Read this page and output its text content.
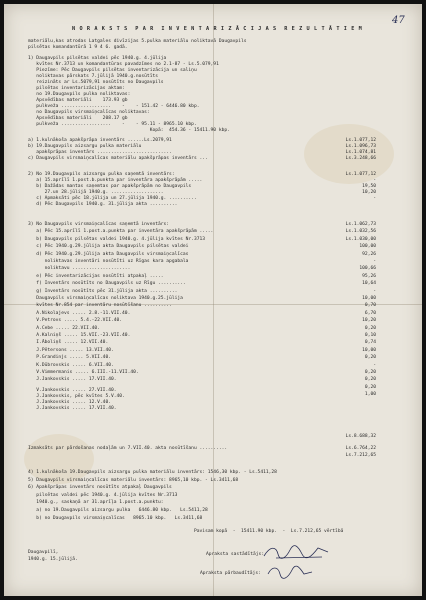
47
N O R A K S T S  P A R  I N V E N T A R I Z Ā C I J A S  R E Z U L T Ā T I E M
materiālu,kas atrodas Latgales divīzijas 5.pulka materiālu noliktavā Daugavpils
pilsētas komandantūrā 1 9 4 6. gadā.
1) Daugavpils pilsētas valdei pēc 1940.g. 4.jūlija
kvītes Nr.3713 un komandantūras pavadzīmes no 2.1-87 - Ls.5.079,91
Piezīme: Pēc Daugavpils pilsētas inventarizācija un saliņu
noliktavas pārskats 7.jūlijā 1940.g.nosūtīts
reizināts ar Ls.5079,91 nosūtīts no Daugavpils
pilsētas inventarizācijas aktam:
no 19.Daugavpils pulka noliktavas:
Apsvēdības materiāli    173.93 gb
pulkveža ..................    -    - 151.42 - 6446.80 kbp.
no Daugavpils virsmaiņcalīcas noliktavas:
Apsvēdības materiāli    208.17 gb
pulkveža ..................    -    - 95.11 - 8965.10 kbp.
Kopā:  454.36 - 15411.90 kbp.
a) 1.kulnākoša apakšprāpa inventārs ......Ls.2079,91
b) 19.Daugavpils aizsargu pulka materiālu
apakšprāpas inventārs ...........................
c) Daugavpils virsmaiņcalīcas materiālu apakšprāpas inventārs ...
Ls.1.077,12
Ls.1.096,73
Ls.1.074,81
Ls.3.248,66
2) No 19.Daugavpils aizsargu pulka saņemtā inventārs:
a) 15.aprīlī 1.post.b.punkta par inventāra apakšprāpām .....
b) Dažādas mantas saņemtas par apakšprāpām no Daugavpils
27.un 28.jūlijā 1940.g. ...................
c) Apmaksāti pēc 18.jūlija un 27.jūlija 1940.g. ..........
d) Pēc Daugavpils 1940.g. 31.jūlija akta ..........
Ls.1.077,12
-
19,50
10,20
-
3) No Daugavpils virsmaiņcalīcas saņemtā inventārs:
a) Pēc 15.aprīlī 1.post.a.punkta par inventāra apakšprāpām .....
b) Daugavpils pilsētas valdei 1940.g. 4.jūlija kvītes Nr.3713
c) Pēc 1940.g.29.jūlija akta Daugavpils pilsētas valdei
d) Pēc 1940.g.29.jūlija akta Daugavpils virsmaiņcalīcas
noliktavas inventāri nosūtīti uz Rīgas kara apgabala
noliktavu .....................
e) Pēc inventarizācijas nosūtīti atpakaļ .....
f) Inventārs nosūtīts no Daugavpils uz Rīgu ..........
g) Inventārs nosūtīts pēc 31.jūlija akta ..........
Daugavpils virsmaiņcalīcas noliktava 1940.g.25.jūlija
kvītes Nr.854 par inventāru nosūtīšanu ..........
A.Nikolajevs ..... 2.8.-11.VII.40.
V.Petrovs ..... 5.4.-22.VII.40.
A.Cebe ..... 22.VII.40.
A.Kalniņš ..... 15.VII.-23.VII.40.
I.Āboliņš ..... 12.VII.40.
J.Pētersons ..... 13.VII.40.
P.Grandinjs ..... 5.VII.40.
K.Dūbrovskis ..... 6.VII.40.
V.Vimmermanis ..... 6.III.-11.VII.40.
J.Jankovskis ..... 17.VII.40.
Ls.1.062,73
Ls.1.032,56
Ls.1.030,00
100,00
92,26
-
100,66
95,26
10,64
-
10,00
0,70
6,70
10,20
0,20
0,10
0,74
10,00
0,20
-
0,20
0,20
0,20
1,00
Ls.8.688,32
V.Jankovskis ..... 27.VII.40.
J.Jankovskis, pēc kvītes 5.V.40.
J.Jankovskis ..... 12.V.40.
J.Jankovskis ..... 17.VII.40.
Izmaksāts par pārdošanas nodaļām un 7.VII.40. akta nosūtīšanu ..........	Ls.6.764,22
Ls.7.212,65
4) 1.kulnākoša 19.Daugavpils aizsargu pulka materiālu inventārs: 1546,30 kbp. - Ls.5411,28
5) Daugavpils virsmaiņcalīcas materiālu inventārs: 8965,10 kbp. - Ls.3411,68
6) Apakšprāpas inventārs nosūtīts atpakaļ Daugavpils
pilsētas valdei pēc 1940.g. 4.jūlija kvītes Nr.3713
1940.g., saskaņā ar 31.aprīļa 1.post.a.punktu:
a) no 19.Daugavpils aizsargu pulka   6446.80 kbp.   Ls.5411,28
b) no Daugavpils virsmaiņcalīcas   8965.10 kbp.   Ls.3411,68
Pavisam kopā  -  15411.90 kbp.  -  Ls.7.212,65 vērtībā
Daugavpilī,
1940.g. 15.jūlijā.
Apraksta sastādītājs:
Apraksta pārbaudītājs:
